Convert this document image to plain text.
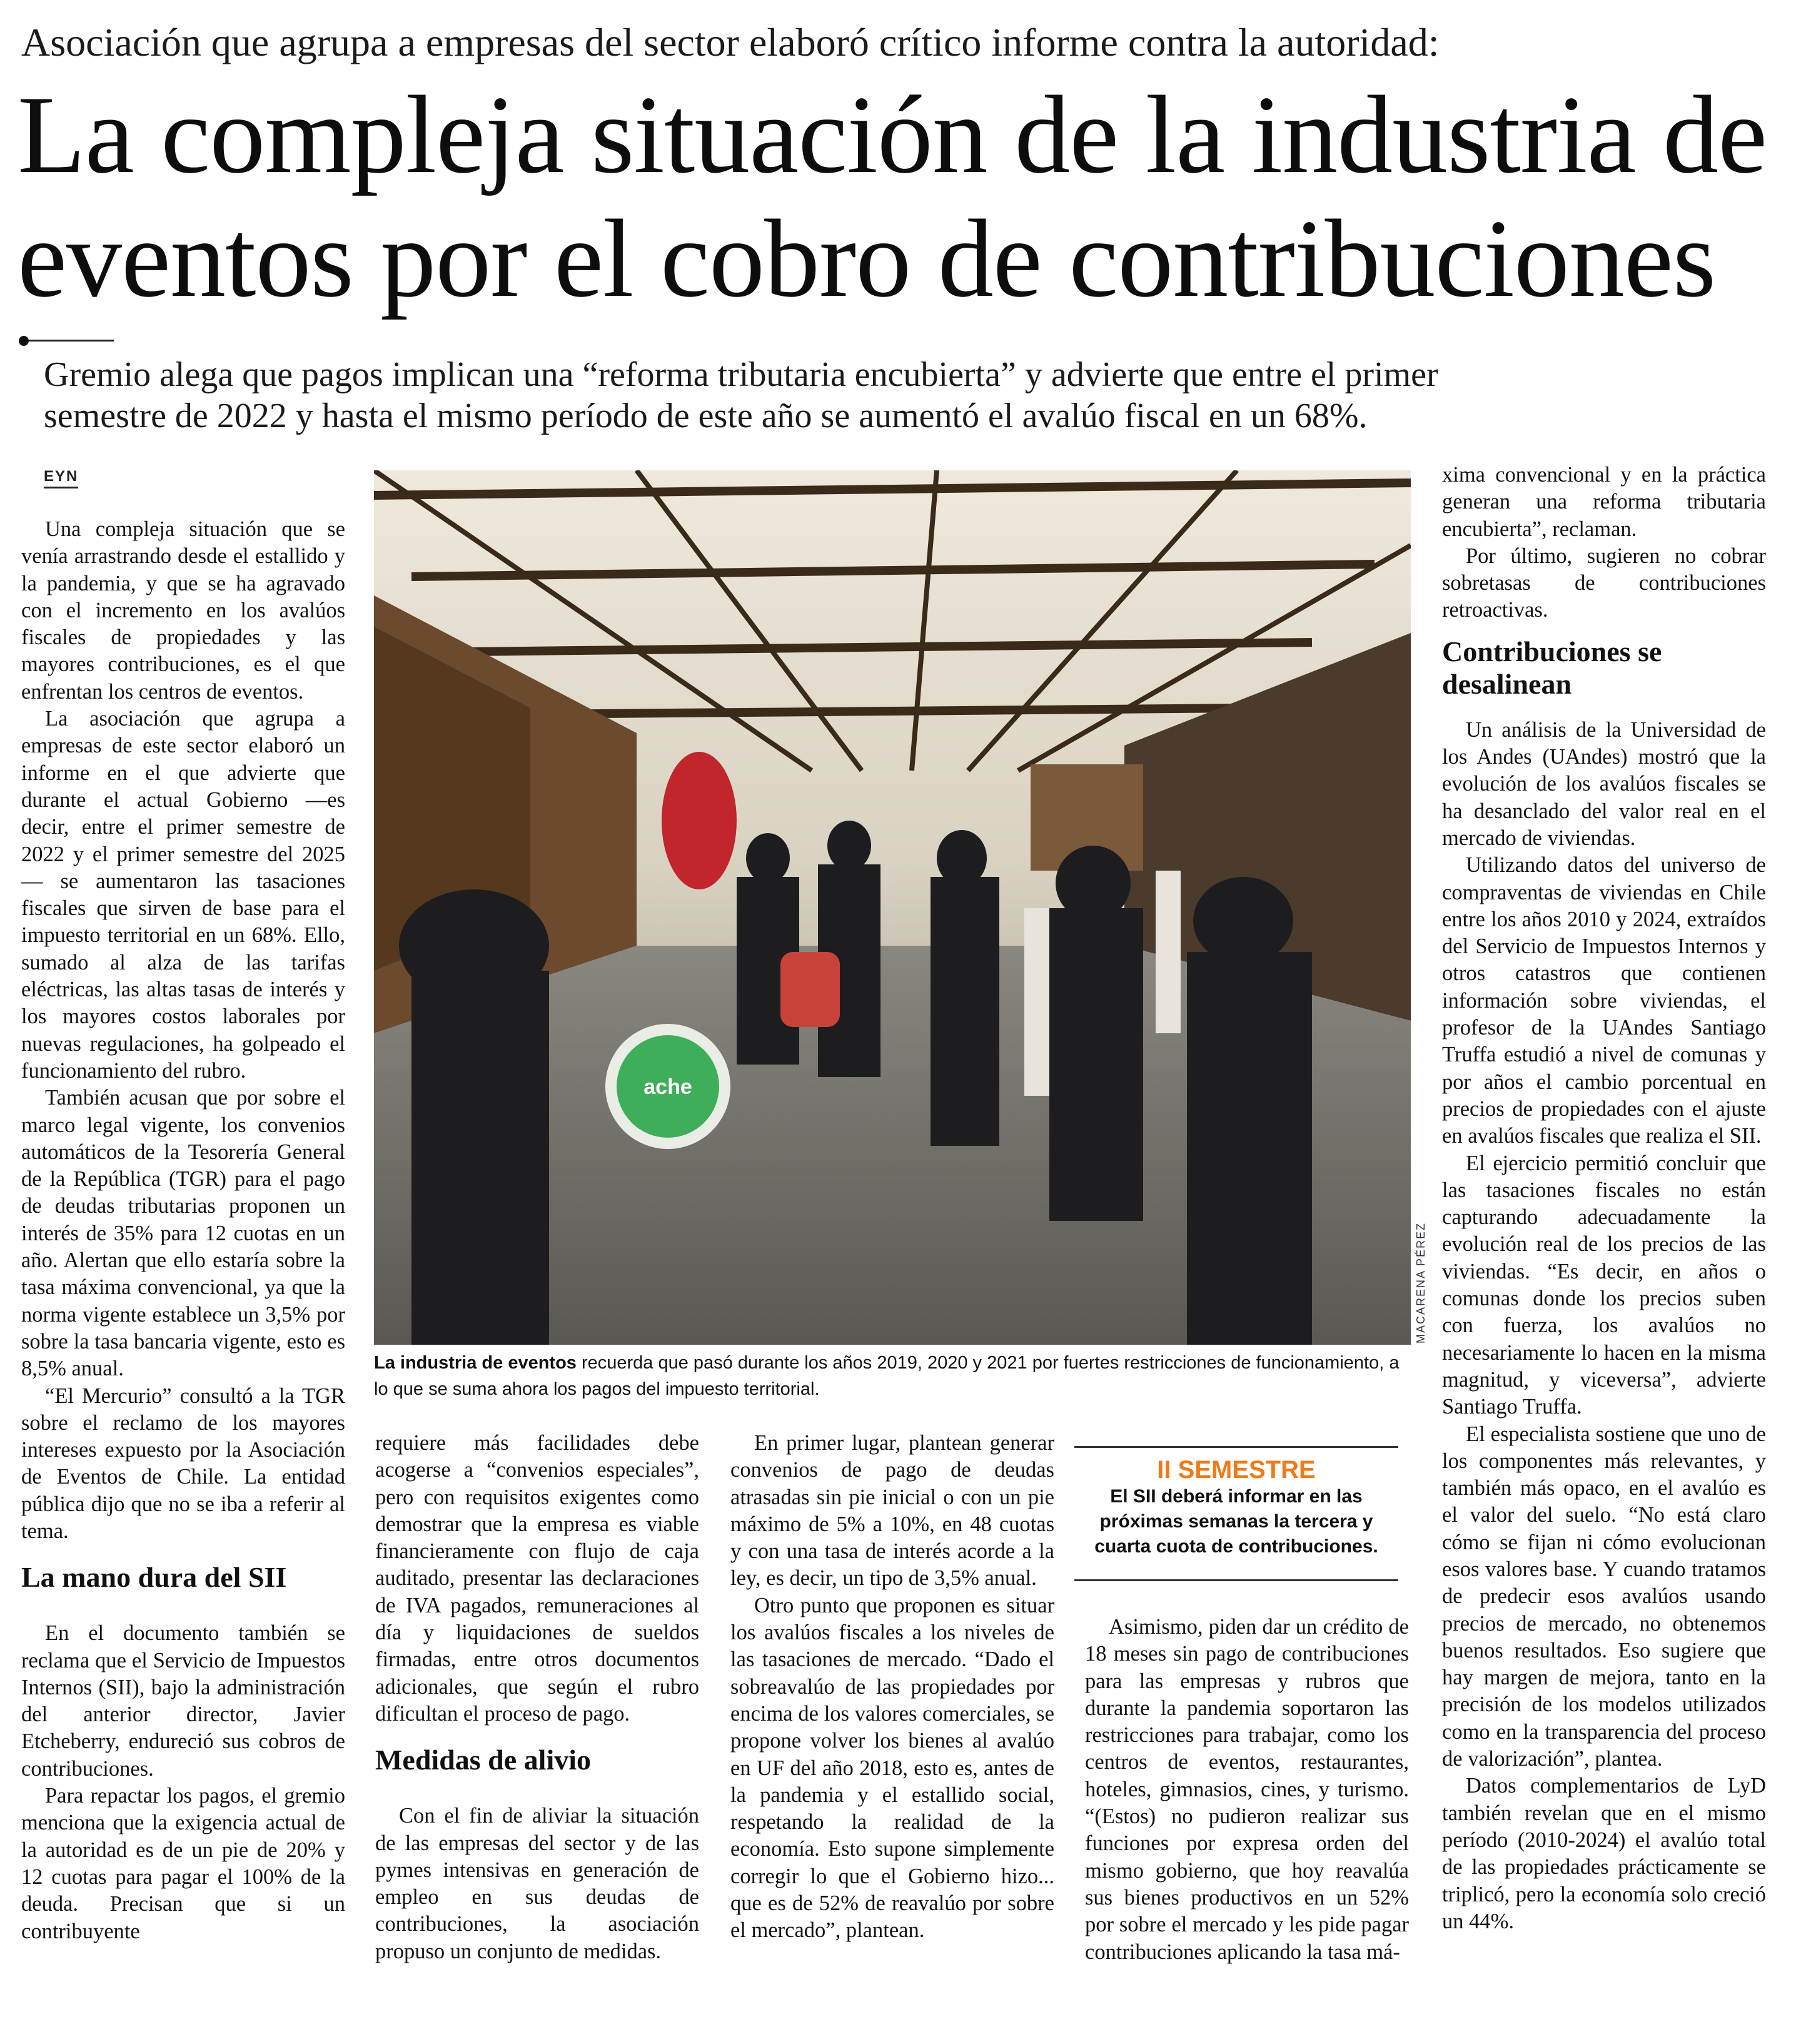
Asociación que agrupa a empresas del sector elaboró crítico informe contra la autoridad:
La compleja situación de la industria de
eventos por el cobro de contribuciones
Gremio alega que pagos implican una “reforma tributaria encubierta” y advierte que entre el primer
semestre de 2022 y hasta el mismo período de este año se aumentó el avalúo fiscal en un 68%.
EYN

Una compleja situación que se venía arrastrando desde el estallido y la pandemia, y que se ha agravado con el incremento en los avalúos fiscales de propiedades y las mayores contribuciones, es el que enfrentan los centros de eventos.

La asociación que agrupa a empresas de este sector elaboró un informe en el que advierte que durante el actual Gobierno —es decir, entre el primer semestre de 2022 y el primer semestre del 2025— se aumentaron las tasaciones fiscales que sirven de base para el impuesto territorial en un 68%. Ello, sumado al alza de las tarifas eléctricas, las altas tasas de interés y los mayores costos laborales por nuevas regulaciones, ha golpeado el funcionamiento del rubro.

También acusan que por sobre el marco legal vigente, los convenios automáticos de la Tesorería General de la República (TGR) para el pago de deudas tributarias proponen un interés de 35% para 12 cuotas en un año. Alertan que ello estaría sobre la tasa máxima convencional, ya que la norma vigente establece un 3,5% por sobre la tasa bancaria vigente, esto es 8,5% anual.

“El Mercurio” consultó a la TGR sobre el reclamo de los mayores intereses expuesto por la Asociación de Eventos de Chile. La entidad pública dijo que no se iba a referir al tema.

La mano dura del SII

En el documento también se reclama que el Servicio de Impuestos Internos (SII), bajo la administración del anterior director, Javier Etcheberry, endureció sus cobros de contribuciones.

Para repactar los pagos, el gremio menciona que la exigencia actual de la autoridad es de un pie de 20% y 12 cuotas para pagar el 100% de la deuda. Precisan que si un contribuyente

ache
MACARENA PÉREZ
La industria de eventos recuerda que pasó durante los años 2019, 2020 y 2021 por fuertes restricciones de funcionamiento, a lo que se suma ahora los pagos del impuesto territorial.

requiere más facilidades debe acogerse a “convenios especiales”, pero con requisitos exigentes como demostrar que la empresa es viable financieramente con flujo de caja auditado, presentar las declaraciones de IVA pagados, remuneraciones al día y liquidaciones de sueldos firmadas, entre otros documentos adicionales, que según el rubro dificultan el proceso de pago.

Medidas de alivio

Con el fin de aliviar la situación de las empresas del sector y de las pymes intensivas en generación de empleo en sus deudas de contribuciones, la asociación propuso un conjunto de medidas.

En primer lugar, plantean generar convenios de pago de deudas atrasadas sin pie inicial o con un pie máximo de 5% a 10%, en 48 cuotas y con una tasa de interés acorde a la ley, es decir, un tipo de 3,5% anual.

Otro punto que proponen es situar los avalúos fiscales a los niveles de las tasaciones de mercado. “Dado el sobreavalúo de las propiedades por encima de los valores comerciales, se propone volver los bienes al avalúo en UF del año 2018, esto es, antes de la pandemia y el estallido social, respetando la realidad de la economía. Esto supone simplemente corregir lo que el Gobierno hizo... que es de 52% de reavalúo por sobre el mercado”, plantean.

II SEMESTRE
El SII deberá informar en las próximas semanas la tercera y cuarta cuota de contribuciones.

Asimismo, piden dar un crédito de 18 meses sin pago de contribuciones para las empresas y rubros que durante la pandemia soportaron las restricciones para trabajar, como los centros de eventos, restaurantes, hoteles, gimnasios, cines, y turismo. “(Estos) no pudieron realizar sus funciones por expresa orden del mismo gobierno, que hoy reavalúa sus bienes productivos en un 52% por sobre el mercado y les pide pagar contribuciones aplicando la tasa má-

xima convencional y en la práctica generan una reforma tributaria encubierta”, reclaman.

Por último, sugieren no cobrar sobretasas de contribuciones retroactivas.

Contribuciones se desalinean

Un análisis de la Universidad de los Andes (UAndes) mostró que la evolución de los avalúos fiscales se ha desanclado del valor real en el mercado de viviendas.

Utilizando datos del universo de compraventas de viviendas en Chile entre los años 2010 y 2024, extraídos del Servicio de Impuestos Internos y otros catastros que contienen información sobre viviendas, el profesor de la UAndes Santiago Truffa estudió a nivel de comunas y por años el cambio porcentual en precios de propiedades con el ajuste en avalúos fiscales que realiza el SII.

El ejercicio permitió concluir que las tasaciones fiscales no están capturando adecuadamente la evolución real de los precios de las viviendas. “Es decir, en años o comunas donde los precios suben con fuerza, los avalúos no necesariamente lo hacen en la misma magnitud, y viceversa”, advierte Santiago Truffa.

El especialista sostiene que uno de los componentes más relevantes, y también más opaco, en el avalúo es el valor del suelo. “No está claro cómo se fijan ni cómo evolucionan esos valores base. Y cuando tratamos de predecir esos avalúos usando precios de mercado, no obtenemos buenos resultados. Eso sugiere que hay margen de mejora, tanto en la precisión de los modelos utilizados como en la transparencia del proceso de valorización”, plantea.

Datos complementarios de LyD también revelan que en el mismo período (2010-2024) el avalúo total de las propiedades prácticamente se triplicó, pero la economía solo creció un 44%.
